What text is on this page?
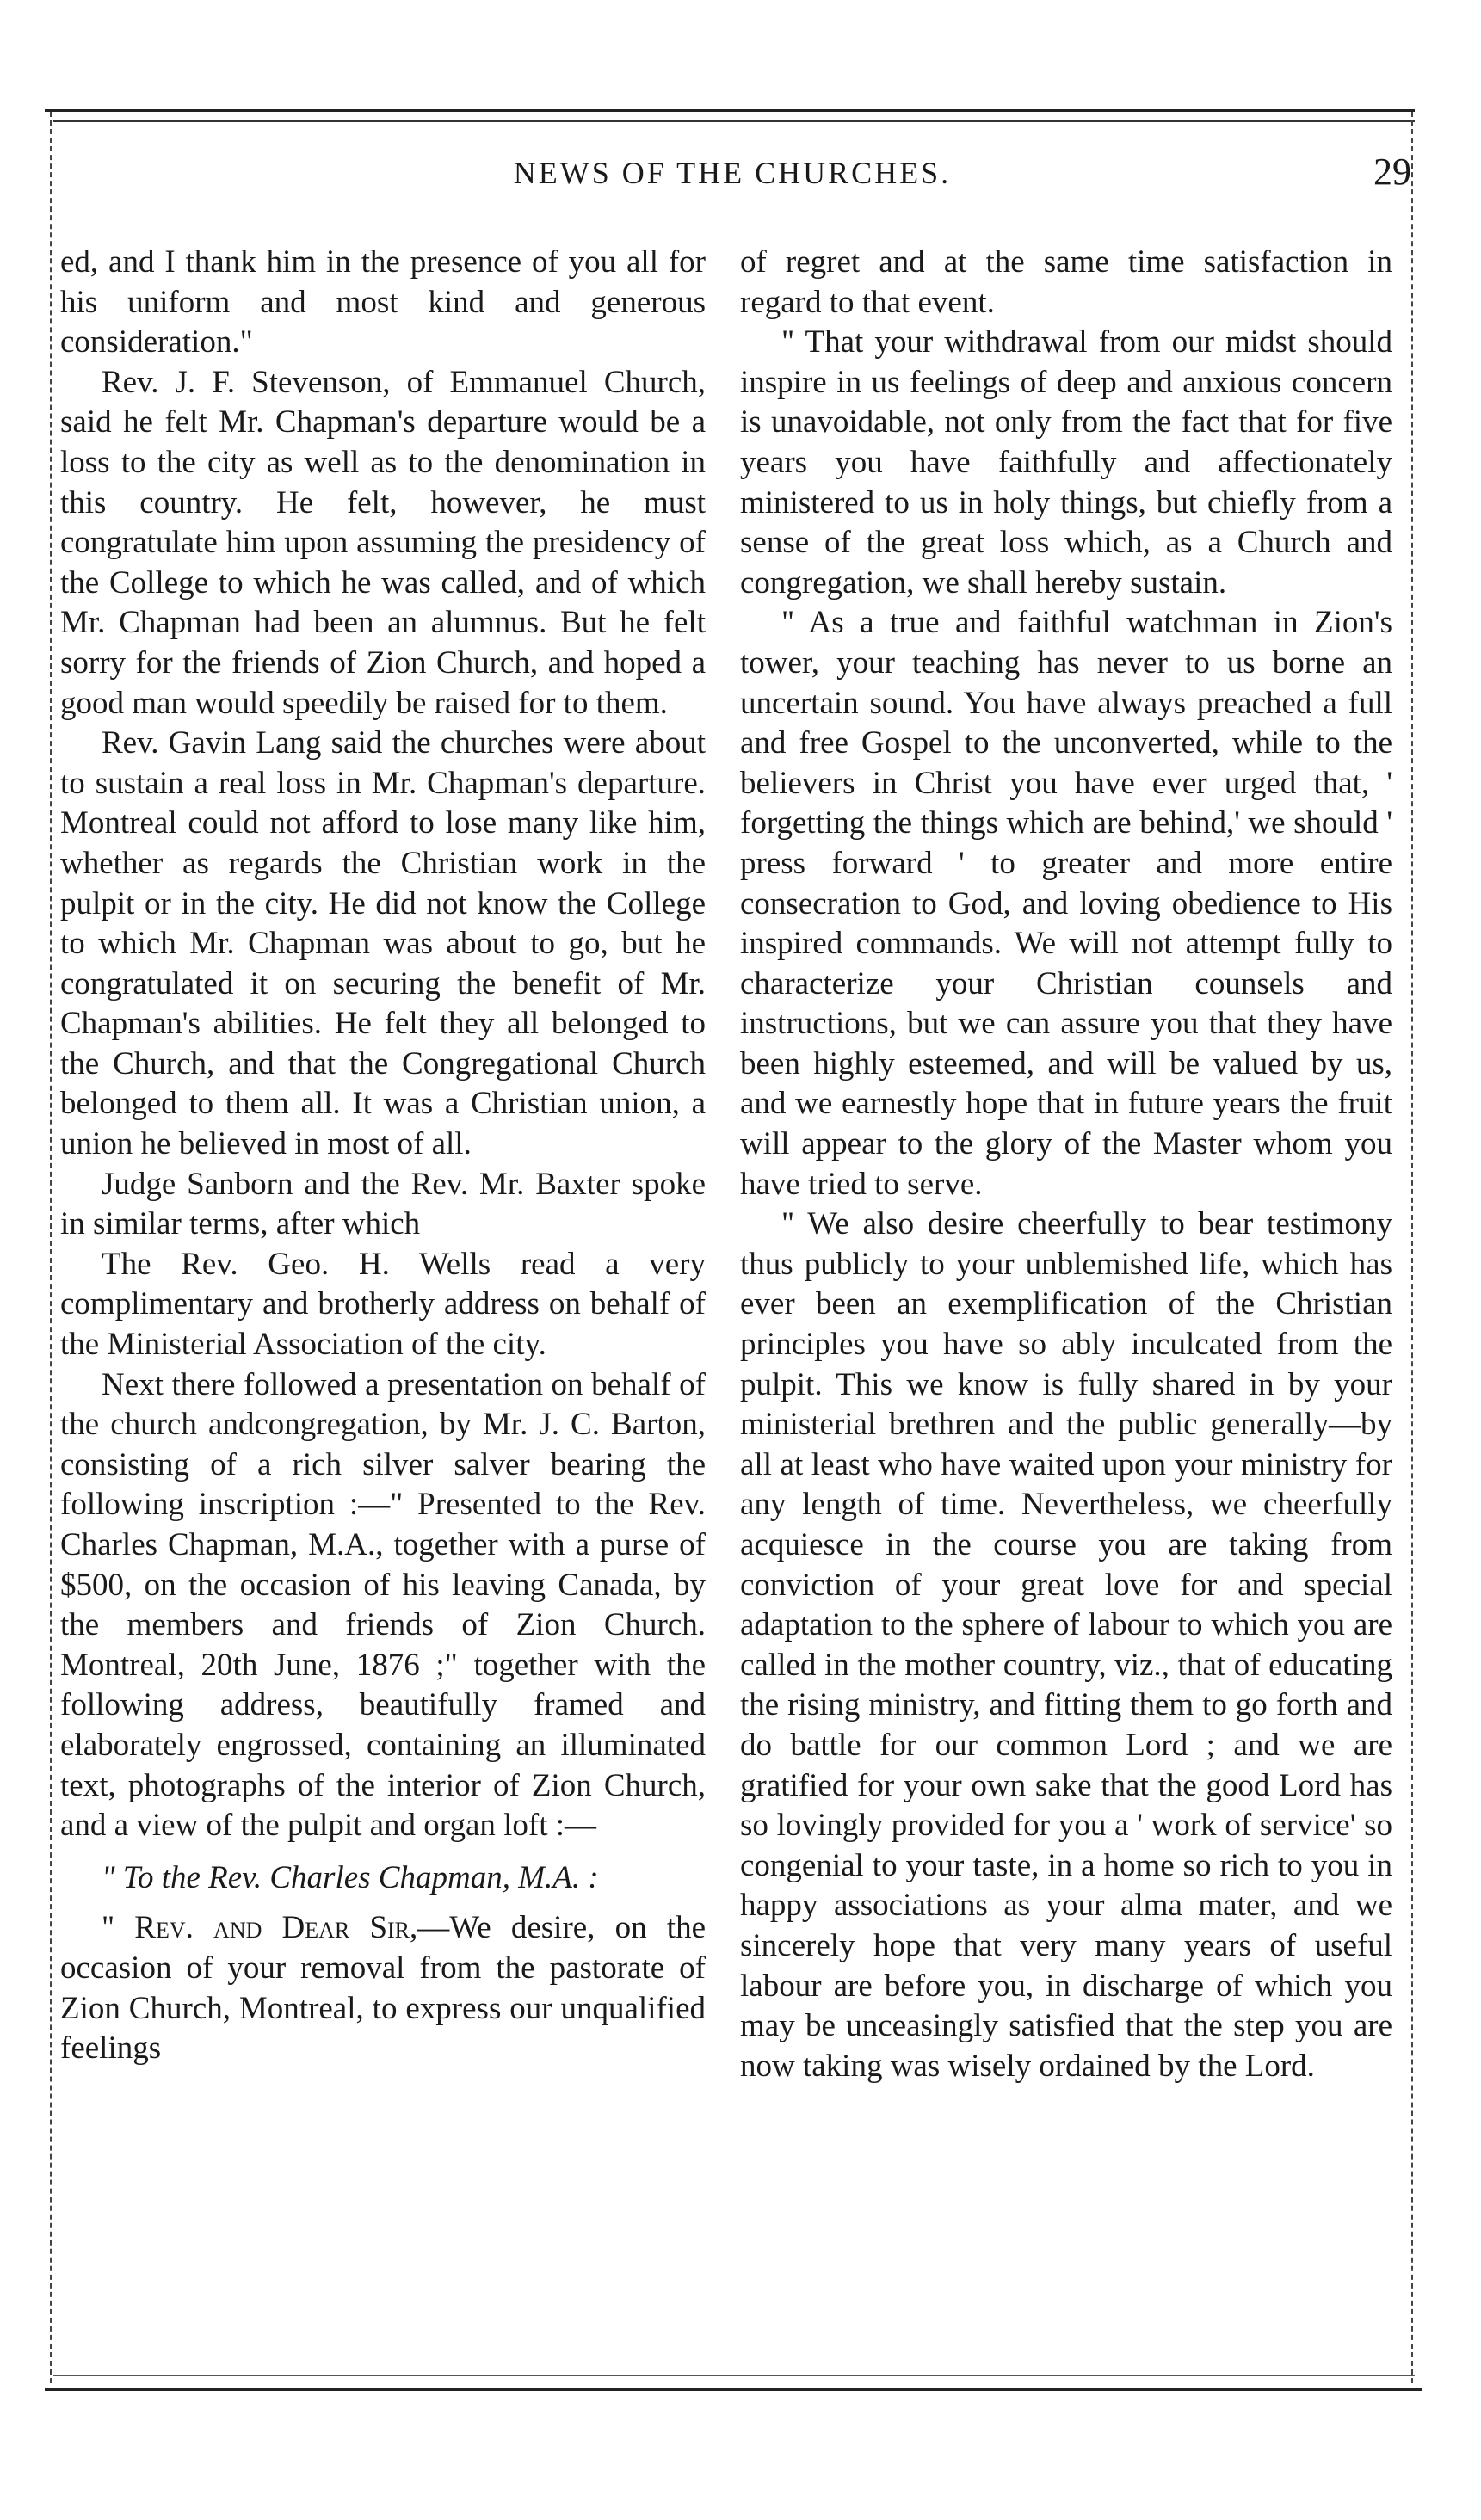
NEWS OF THE CHURCHES.	29

ed, and I thank him in the presence of you all for his uniform and most kind and generous consideration."

Rev. J. F. Stevenson, of Emmanuel Church, said he felt Mr. Chapman's departure would be a loss to the city as well as to the denomination in this country. He felt, however, he must congratulate him upon assuming the presidency of the College to which he was called, and of which Mr. Chapman had been an alumnus. But he felt sorry for the friends of Zion Church, and hoped a good man would speedily be raised for to them.

Rev. Gavin Lang said the churches were about to sustain a real loss in Mr. Chapman's departure. Montreal could not afford to lose many like him, whether as regards the Christian work in the pulpit or in the city. He did not know the College to which Mr. Chapman was about to go, but he congratulated it on securing the benefit of Mr. Chapman's abilities. He felt they all belonged to the Church, and that the Congregational Church belonged to them all. It was a Christian union, a union he believed in most of all.

Judge Sanborn and the Rev. Mr. Baxter spoke in similar terms, after which

The Rev. Geo. H. Wells read a very complimentary and brotherly address on behalf of the Ministerial Association of the city.

Next there followed a presentation on behalf of the church andcongregation, by Mr. J. C. Barton, consisting of a rich silver salver bearing the following inscription :—" Presented to the Rev. Charles Chapman, M.A., together with a purse of $500, on the occasion of his leaving Canada, by the members and friends of Zion Church. Montreal, 20th June, 1876 ;" together with the following address, beautifully framed and elaborately engrossed, containing an illuminated text, photographs of the interior of Zion Church, and a view of the pulpit and organ loft :—

" To the Rev. Charles Chapman, M.A. :

" Rev. and Dear Sir,—We desire, on the occasion of your removal from the pastorate of Zion Church, Montreal, to express our unqualified feelings

of regret and at the same time satisfaction in regard to that event.

" That your withdrawal from our midst should inspire in us feelings of deep and anxious concern is unavoidable, not only from the fact that for five years you have faithfully and affectionately ministered to us in holy things, but chiefly from a sense of the great loss which, as a Church and congregation, we shall hereby sustain.

" As a true and faithful watchman in Zion's tower, your teaching has never to us borne an uncertain sound. You have always preached a full and free Gospel to the unconverted, while to the believers in Christ you have ever urged that, ' forgetting the things which are behind,' we should ' press forward ' to greater and more entire consecration to God, and loving obedience to His inspired commands. We will not attempt fully to characterize your Christian counsels and instructions, but we can assure you that they have been highly esteemed, and will be valued by us, and we earnestly hope that in future years the fruit will appear to the glory of the Master whom you have tried to serve.

" We also desire cheerfully to bear testimony thus publicly to your unblemished life, which has ever been an exemplification of the Christian principles you have so ably inculcated from the pulpit. This we know is fully shared in by your ministerial brethren and the public generally—by all at least who have waited upon your ministry for any length of time. Nevertheless, we cheerfully acquiesce in the course you are taking from conviction of your great love for and special adaptation to the sphere of labour to which you are called in the mother country, viz., that of educating the rising ministry, and fitting them to go forth and do battle for our common Lord ; and we are gratified for your own sake that the good Lord has so lovingly provided for you a ' work of service' so congenial to your taste, in a home so rich to you in happy associations as your alma mater, and we sincerely hope that very many years of useful labour are before you, in discharge of which you may be unceasingly satisfied that the step you are now taking was wisely ordained by the Lord.
